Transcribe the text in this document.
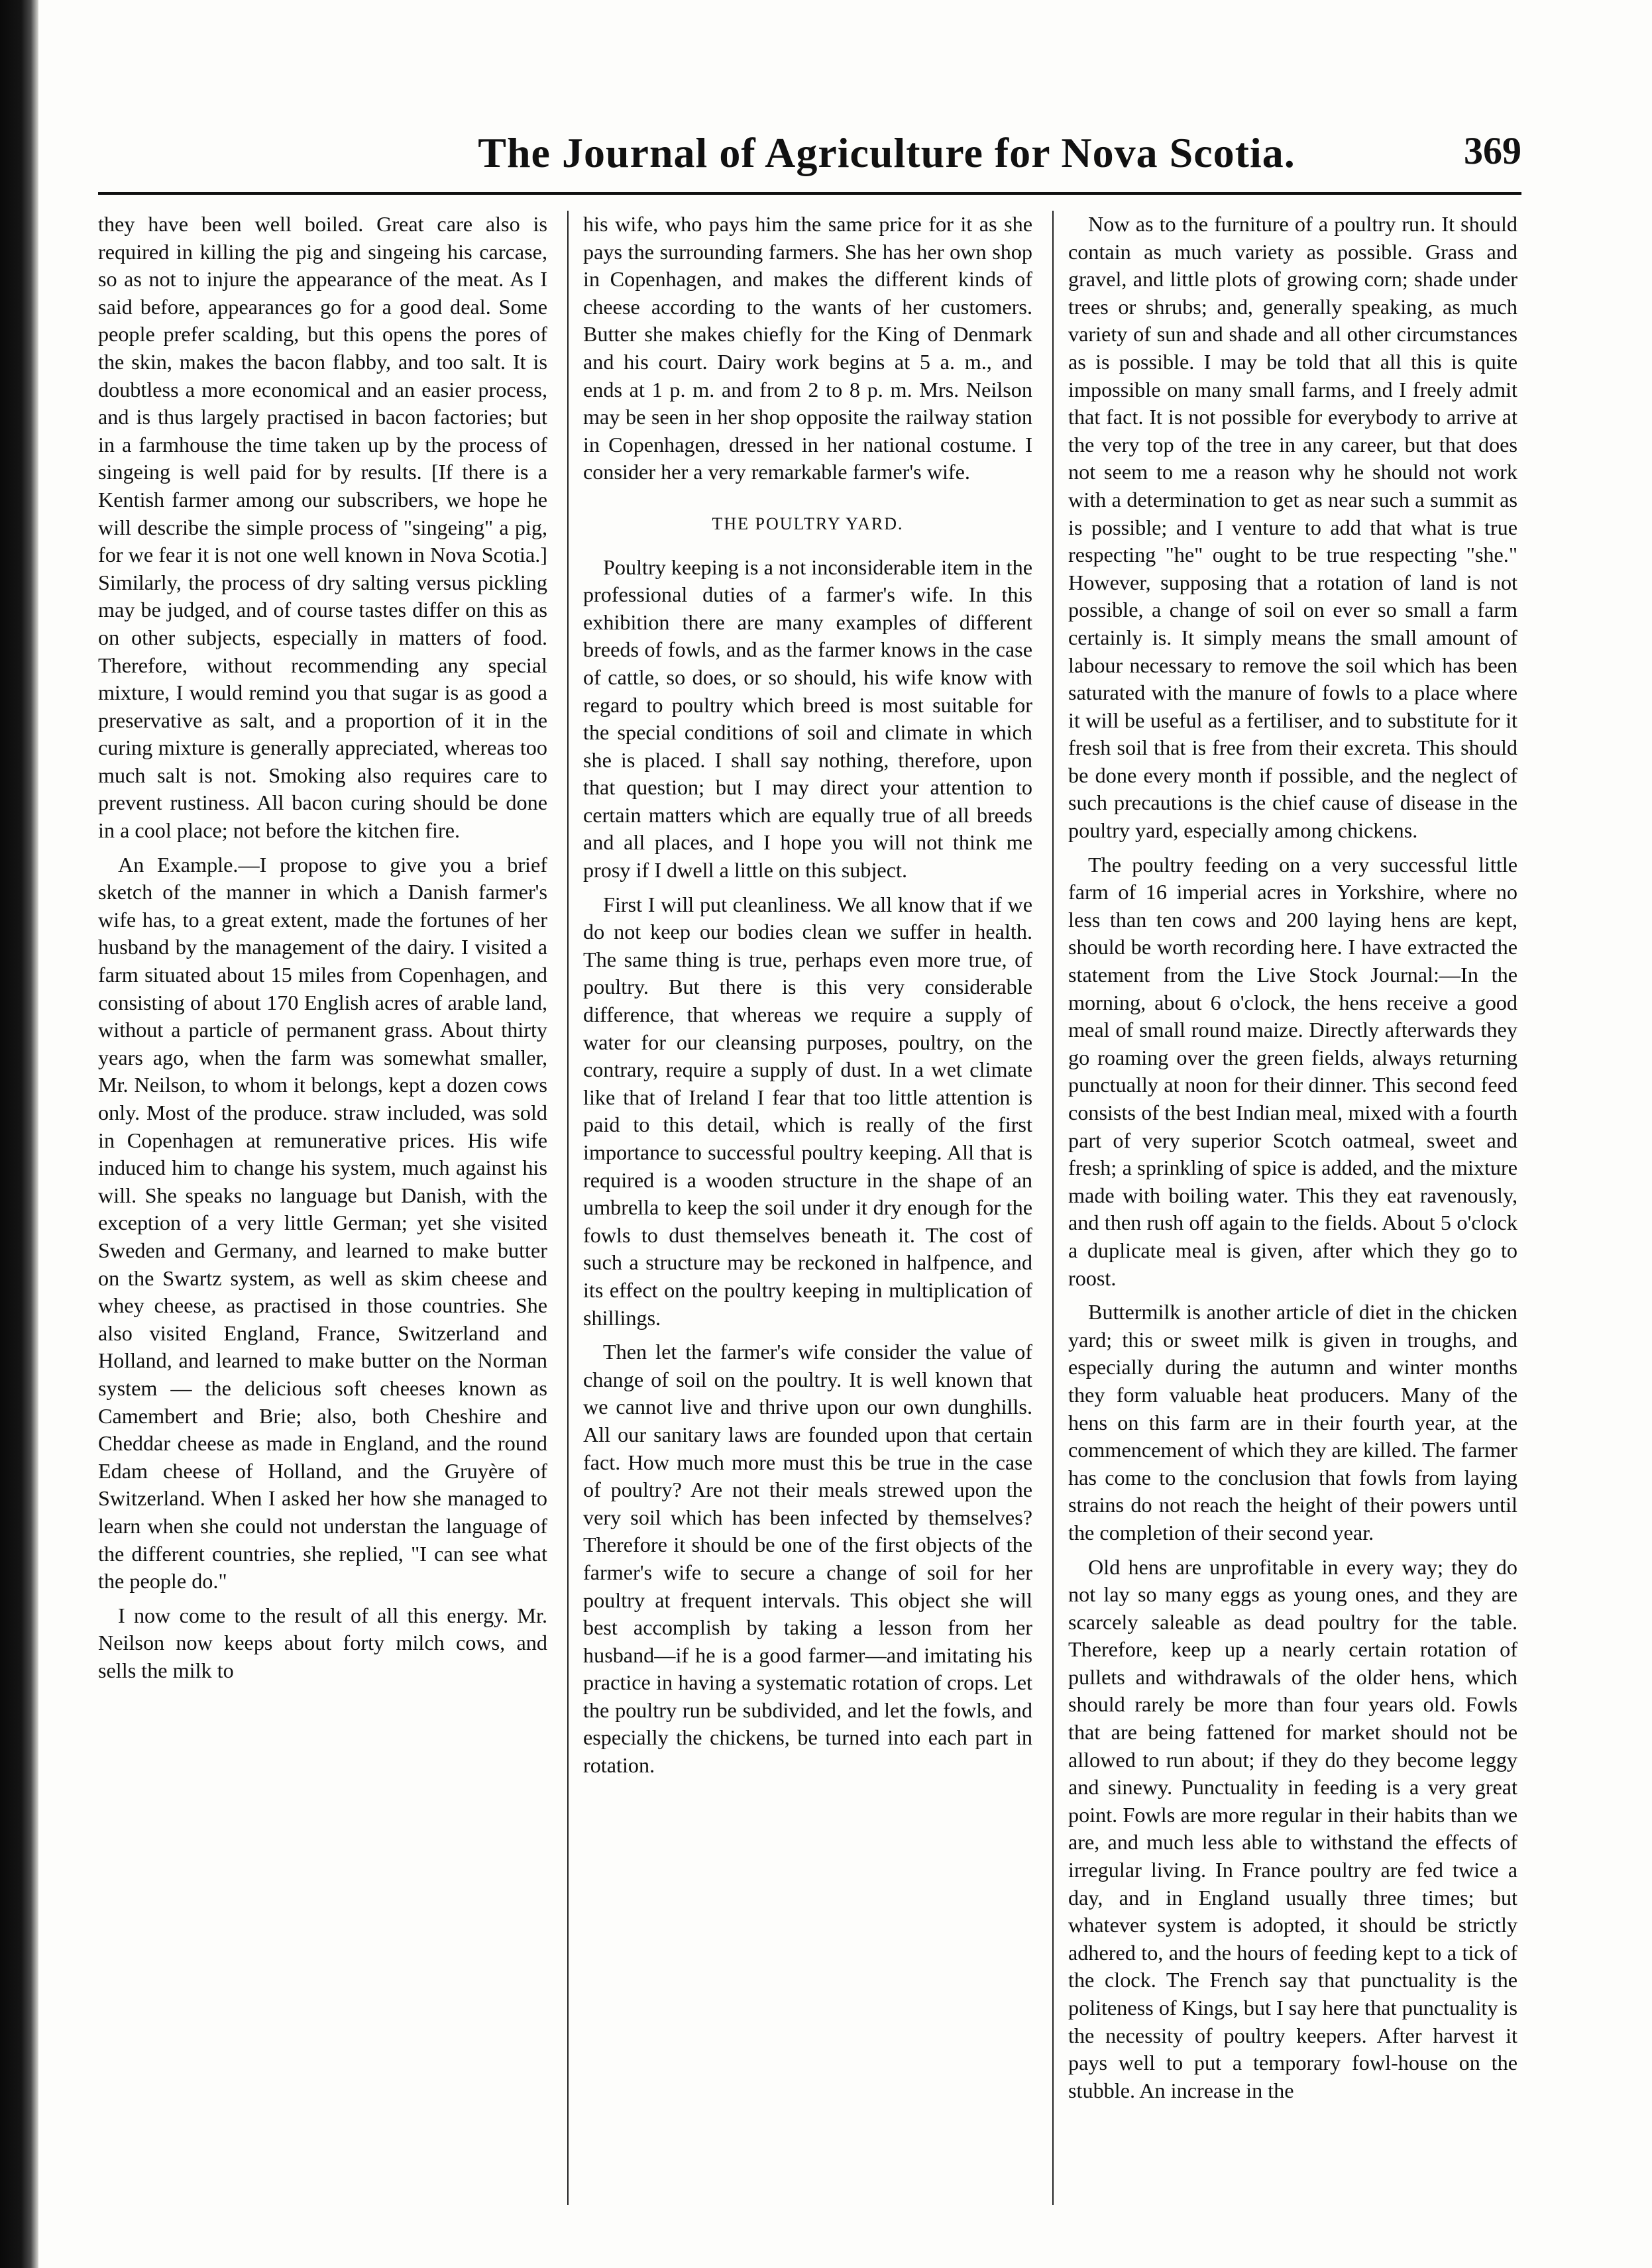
The Journal of Agriculture for Nova Scotia.	369

they have been well boiled. Great care also is required in killing the pig and singeing his carcase, so as not to injure the appearance of the meat. As I said before, appearances go for a good deal. Some people prefer scalding, but this opens the pores of the skin, makes the bacon flabby, and too salt. It is doubtless a more economical and an easier process, and is thus largely practised in bacon factories; but in a farmhouse the time taken up by the process of singeing is well paid for by results. [If there is a Kentish farmer among our subscribers, we hope he will describe the simple process of "singeing" a pig, for we fear it is not one well known in Nova Scotia.] Similarly, the process of dry salting versus pickling may be judged, and of course tastes differ on this as on other subjects, especially in matters of food. Therefore, without recommending any special mixture, I would remind you that sugar is as good a preservative as salt, and a proportion of it in the curing mixture is generally appreciated, whereas too much salt is not. Smoking also requires care to prevent rustiness. All bacon curing should be done in a cool place; not before the kitchen fire.

An Example.—I propose to give you a brief sketch of the manner in which a Danish farmer's wife has, to a great extent, made the fortunes of her husband by the management of the dairy. I visited a farm situated about 15 miles from Copenhagen, and consisting of about 170 English acres of arable land, without a particle of permanent grass. About thirty years ago, when the farm was somewhat smaller, Mr. Neilson, to whom it belongs, kept a dozen cows only. Most of the produce. straw included, was sold in Copenhagen at remunerative prices. His wife induced him to change his system, much against his will. She speaks no language but Danish, with the exception of a very little German; yet she visited Sweden and Germany, and learned to make butter on the Swartz system, as well as skim cheese and whey cheese, as practised in those countries. She also visited England, France, Switzerland and Holland, and learned to make butter on the Norman system — the delicious soft cheeses known as Camembert and Brie; also, both Cheshire and Cheddar cheese as made in England, and the round Edam cheese of Holland, and the Gruyère of Switzerland. When I asked her how she managed to learn when she could not understan the language of the different countries, she replied, "I can see what the people do."

I now come to the result of all this energy. Mr. Neilson now keeps about forty milch cows, and sells the milk to

his wife, who pays him the same price for it as she pays the surrounding farmers. She has her own shop in Copenhagen, and makes the different kinds of cheese according to the wants of her customers. Butter she makes chiefly for the King of Denmark and his court. Dairy work begins at 5 a. m., and ends at 1 p. m. and from 2 to 8 p. m. Mrs. Neilson may be seen in her shop opposite the railway station in Copenhagen, dressed in her national costume. I consider her a very remarkable farmer's wife.

THE POULTRY YARD.

Poultry keeping is a not inconsiderable item in the professional duties of a farmer's wife. In this exhibition there are many examples of different breeds of fowls, and as the farmer knows in the case of cattle, so does, or so should, his wife know with regard to poultry which breed is most suitable for the special conditions of soil and climate in which she is placed. I shall say nothing, therefore, upon that question; but I may direct your attention to certain matters which are equally true of all breeds and all places, and I hope you will not think me prosy if I dwell a little on this subject.

First I will put cleanliness. We all know that if we do not keep our bodies clean we suffer in health. The same thing is true, perhaps even more true, of poultry. But there is this very considerable difference, that whereas we require a supply of water for our cleansing purposes, poultry, on the contrary, require a supply of dust. In a wet climate like that of Ireland I fear that too little attention is paid to this detail, which is really of the first importance to successful poultry keeping. All that is required is a wooden structure in the shape of an umbrella to keep the soil under it dry enough for the fowls to dust themselves beneath it. The cost of such a structure may be reckoned in halfpence, and its effect on the poultry keeping in multiplication of shillings.

Then let the farmer's wife consider the value of change of soil on the poultry. It is well known that we cannot live and thrive upon our own dunghills. All our sanitary laws are founded upon that certain fact. How much more must this be true in the case of poultry? Are not their meals strewed upon the very soil which has been infected by themselves? Therefore it should be one of the first objects of the farmer's wife to secure a change of soil for her poultry at frequent intervals. This object she will best accomplish by taking a lesson from her husband—if he is a good farmer—and imitating his practice in having a systematic rotation of crops. Let the poultry run be subdivided, and let the fowls, and especially the chickens, be turned into each part in rotation.

Now as to the furniture of a poultry run. It should contain as much variety as possible. Grass and gravel, and little plots of growing corn; shade under trees or shrubs; and, generally speaking, as much variety of sun and shade and all other circumstances as is possible. I may be told that all this is quite impossible on many small farms, and I freely admit that fact. It is not possible for everybody to arrive at the very top of the tree in any career, but that does not seem to me a reason why he should not work with a determination to get as near such a summit as is possible; and I venture to add that what is true respecting "he" ought to be true respecting "she." However, supposing that a rotation of land is not possible, a change of soil on ever so small a farm certainly is. It simply means the small amount of labour necessary to remove the soil which has been saturated with the manure of fowls to a place where it will be useful as a fertiliser, and to substitute for it fresh soil that is free from their excreta. This should be done every month if possible, and the neglect of such precautions is the chief cause of disease in the poultry yard, especially among chickens.

The poultry feeding on a very successful little farm of 16 imperial acres in Yorkshire, where no less than ten cows and 200 laying hens are kept, should be worth recording here. I have extracted the statement from the Live Stock Journal:—In the morning, about 6 o'clock, the hens receive a good meal of small round maize. Directly afterwards they go roaming over the green fields, always returning punctually at noon for their dinner. This second feed consists of the best Indian meal, mixed with a fourth part of very superior Scotch oatmeal, sweet and fresh; a sprinkling of spice is added, and the mixture made with boiling water. This they eat ravenously, and then rush off again to the fields. About 5 o'clock a duplicate meal is given, after which they go to roost.

Buttermilk is another article of diet in the chicken yard; this or sweet milk is given in troughs, and especially during the autumn and winter months they form valuable heat producers. Many of the hens on this farm are in their fourth year, at the commencement of which they are killed. The farmer has come to the conclusion that fowls from laying strains do not reach the height of their powers until the completion of their second year.

Old hens are unprofitable in every way; they do not lay so many eggs as young ones, and they are scarcely saleable as dead poultry for the table. Therefore, keep up a nearly certain rotation of pullets and withdrawals of the older hens, which should rarely be more than four years old. Fowls that are being fattened for market should not be allowed to run about; if they do they become leggy and sinewy. Punctuality in feeding is a very great point. Fowls are more regular in their habits than we are, and much less able to withstand the effects of irregular living. In France poultry are fed twice a day, and in England usually three times; but whatever system is adopted, it should be strictly adhered to, and the hours of feeding kept to a tick of the clock. The French say that punctuality is the politeness of Kings, but I say here that punctuality is the necessity of poultry keepers. After harvest it pays well to put a temporary fowl-house on the stubble. An increase in the
